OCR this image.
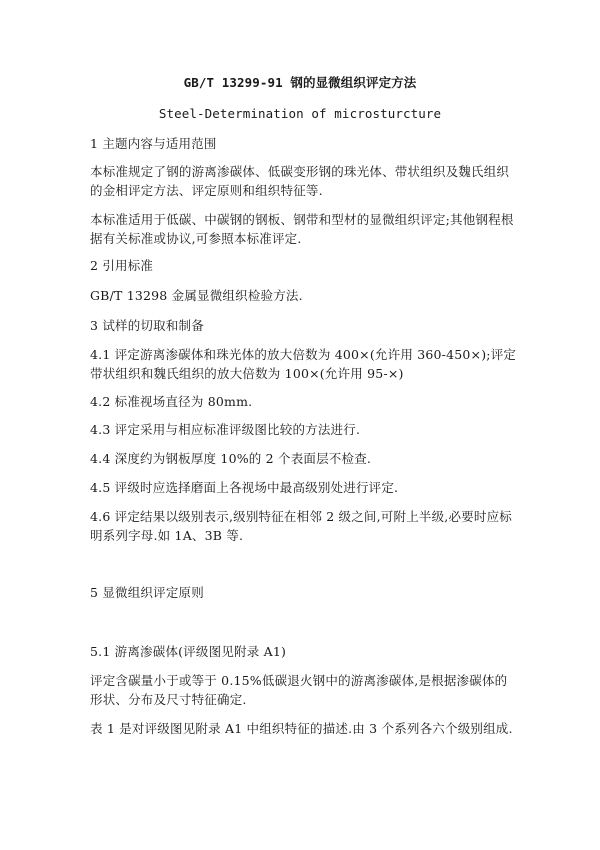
GB/T 13299-91 钢的显微组织评定方法
Steel-Determination of microsturcture

1 主题内容与适用范围

本标准规定了钢的游离渗碳体、低碳变形钢的珠光体、带状组织及魏氏组织的金相评定方法、评定原则和组织特征等.

本标准适用于低碳、中碳钢的钢板、钢带和型材的显微组织评定;其他钢程根据有关标准或协议,可参照本标准评定.

2 引用标准

GB/T 13298 金属显微组织检验方法.

3 试样的切取和制备

4.1 评定游离渗碳体和珠光体的放大倍数为 400×(允许用 360-450×);评定带状组织和魏氏组织的放大倍数为 100×(允许用 95-×)

4.2 标准视场直径为 80mm.

4.3 评定采用与相应标准评级图比较的方法进行.

4.4 深度约为钢板厚度 10%的 2 个表面层不检查.

4.5 评级时应选择磨面上各视场中最高级别处进行评定.

4.6 评定结果以级别表示,级别特征在相邻 2 级之间,可附上半级,必要时应标明系列字母.如 1A、3B 等.

5 显微组织评定原则

5.1 游离渗碳体(评级图见附录 A1)

评定含碳量小于或等于 0.15%低碳退火钢中的游离渗碳体,是根据渗碳体的形状、分布及尺寸特征确定.

表 1 是对评级图见附录 A1 中组织特征的描述.由 3 个系列各六个级别组成.
